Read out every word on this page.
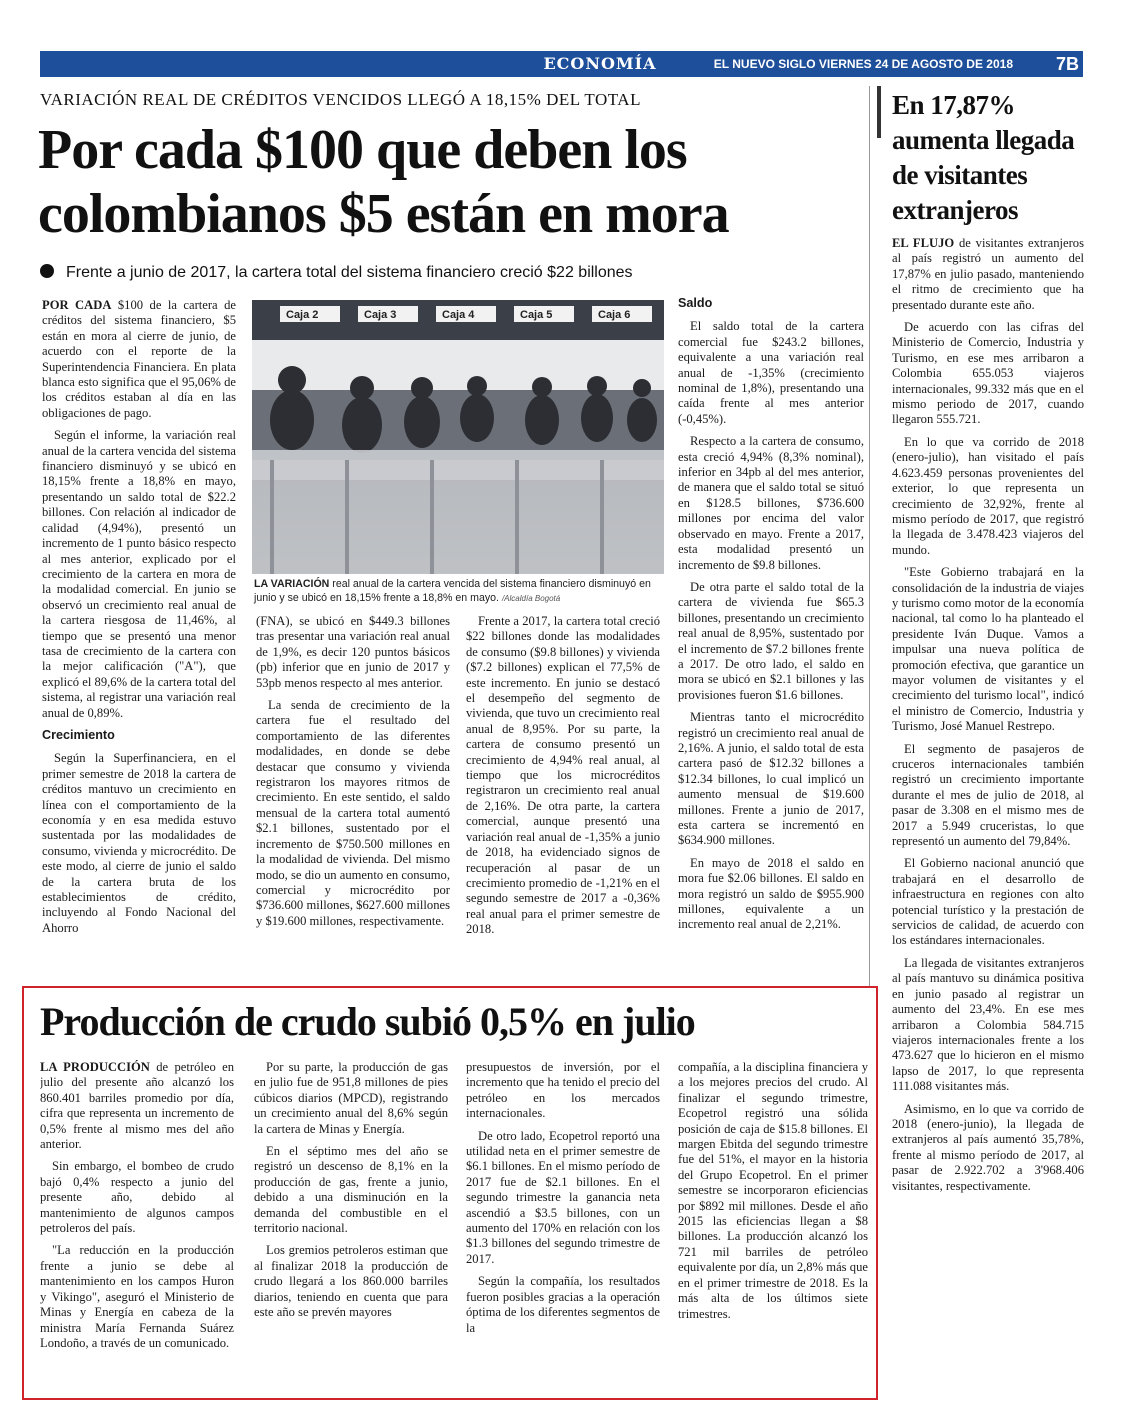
ECONOMÍA	EL NUEVO SIGLO VIERNES 24 DE AGOSTO DE 2018 7B
VARIACIÓN REAL DE CRÉDITOS VENCIDOS LLEGÓ A 18,15% DEL TOTAL
Por cada $100 que deben los
colombianos $5 están en mora
Frente a junio de 2017, la cartera total del sistema financiero creció $22 billones

POR CADA $100 de la cartera de créditos del sistema financiero, $5 están en mora al cierre de junio, de acuerdo con el reporte de la Superintendencia Financiera. En plata blanca esto significa que el 95,06% de los créditos estaban al día en las obligaciones de pago.

Según el informe, la variación real anual de la cartera vencida del sistema financiero disminuyó y se ubicó en 18,15% frente a 18,8% en mayo, presentando un saldo total de $22.2 billones. Con relación al indicador de calidad (4,94%), presentó un incremento de 1 punto básico respecto al mes anterior, explicado por el crecimiento de la cartera en mora de la modalidad comercial. En junio se observó un crecimiento real anual de la cartera riesgosa de 11,46%, al tiempo que se presentó una menor tasa de crecimiento de la cartera con la mejor calificación ("A"), que explicó el 89,6% de la cartera total del sistema, al registrar una variación real anual de 0,89%.

Crecimiento

Según la Superfinanciera, en el primer semestre de 2018 la cartera de créditos mantuvo un crecimiento en línea con el comportamiento de la economía y en esa medida estuvo sustentada por las modalidades de consumo, vivienda y microcrédito. De este modo, al cierre de junio el saldo de la cartera bruta de los establecimientos de crédito, incluyendo al Fondo Nacional del Ahorro

Caja 2	Caja 3	Caja 4	Caja 5	Caja 6
LA VARIACIÓN real anual de la cartera vencida del sistema financiero disminuyó en junio y se ubicó en 18,15% frente a 18,8% en mayo. /Alcaldía Bogotá

(FNA), se ubicó en $449.3 billones tras presentar una variación real anual de 1,9%, es decir 120 puntos básicos (pb) inferior que en junio de 2017 y 53pb menos respecto al mes anterior.

La senda de crecimiento de la cartera fue el resultado del comportamiento de las diferentes modalidades, en donde se debe destacar que consumo y vivienda registraron los mayores ritmos de crecimiento. En este sentido, el saldo mensual de la cartera total aumentó $2.1 billones, sustentado por el incremento de $750.500 millones en la modalidad de vivienda. Del mismo modo, se dio un aumento en consumo, comercial y microcrédito por $736.600 millones, $627.600 millones y $19.600 millones, respectivamente.

Frente a 2017, la cartera total creció $22 billones donde las modalidades de consumo ($9.8 billones) y vivienda ($7.2 billones) explican el 77,5% de este incremento. En junio se destacó el desempeño del segmento de vivienda, que tuvo un crecimiento real anual de 8,95%. Por su parte, la cartera de consumo presentó un crecimiento de 4,94% real anual, al tiempo que los microcréditos registraron un crecimiento real anual de 2,16%. De otra parte, la cartera comercial, aunque presentó una variación real anual de -1,35% a junio de 2018, ha evidenciado signos de recuperación al pasar de un crecimiento promedio de -1,21% en el segundo semestre de 2017 a -0,36% real anual para el primer semestre de 2018.

Saldo

El saldo total de la cartera comercial fue $243.2 billones, equivalente a una variación real anual de -1,35% (crecimiento nominal de 1,8%), presentando una caída frente al mes anterior (-0,45%).

Respecto a la cartera de consumo, esta creció 4,94% (8,3% nominal), inferior en 34pb al del mes anterior, de manera que el saldo total se situó en $128.5 billones, $736.600 millones por encima del valor observado en mayo. Frente a 2017, esta modalidad presentó un incremento de $9.8 billones.

De otra parte el saldo total de la cartera de vivienda fue $65.3 billones, presentando un crecimiento real anual de 8,95%, sustentado por el incremento de $7.2 billones frente a 2017. De otro lado, el saldo en mora se ubicó en $2.1 billones y las provisiones fueron $1.6 billones.

Mientras tanto el microcrédito registró un crecimiento real anual de 2,16%. A junio, el saldo total de esta cartera pasó de $12.32 billones a $12.34 billones, lo cual implicó un aumento mensual de $19.600 millones. Frente a junio de 2017, esta cartera se incrementó en $634.900 millones.

En mayo de 2018 el saldo en mora fue $2.06 billones. El saldo en mora registró un saldo de $955.900 millones, equivalente a un incremento real anual de 2,21%.

En 17,87% aumenta llegada de visitantes extranjeros

EL FLUJO de visitantes extranjeros al país registró un aumento del 17,87% en julio pasado, manteniendo el ritmo de crecimiento que ha presentado durante este año.

De acuerdo con las cifras del Ministerio de Comercio, Industria y Turismo, en ese mes arribaron a Colombia 655.053 viajeros internacionales, 99.332 más que en el mismo periodo de 2017, cuando llegaron 555.721.

En lo que va corrido de 2018 (enero-julio), han visitado el país 4.623.459 personas provenientes del exterior, lo que representa un crecimiento de 32,92%, frente al mismo período de 2017, que registró la llegada de 3.478.423 viajeros del mundo.

"Este Gobierno trabajará en la consolidación de la industria de viajes y turismo como motor de la economía nacional, tal como lo ha planteado el presidente Iván Duque. Vamos a impulsar una nueva política de promoción efectiva, que garantice un mayor volumen de visitantes y el crecimiento del turismo local", indicó el ministro de Comercio, Industria y Turismo, José Manuel Restrepo.

El segmento de pasajeros de cruceros internacionales también registró un crecimiento importante durante el mes de julio de 2018, al pasar de 3.308 en el mismo mes de 2017 a 5.949 cruceristas, lo que representó un aumento del 79,84%.

El Gobierno nacional anunció que trabajará en el desarrollo de infraestructura en regiones con alto potencial turístico y la prestación de servicios de calidad, de acuerdo con los estándares internacionales.

La llegada de visitantes extranjeros al país mantuvo su dinámica positiva en junio pasado al registrar un aumento del 23,4%. En ese mes arribaron a Colombia 584.715 viajeros internacionales frente a los 473.627 que lo hicieron en el mismo lapso de 2017, lo que representa 111.088 visitantes más.

Asimismo, en lo que va corrido de 2018 (enero-junio), la llegada de extranjeros al país aumentó 35,78%, frente al mismo período de 2017, al pasar de 2.922.702 a 3'968.406 visitantes, respectivamente.

Producción de crudo subió 0,5% en julio

LA PRODUCCIÓN de petróleo en julio del presente año alcanzó los 860.401 barriles promedio por día, cifra que representa un incremento de 0,5% frente al mismo mes del año anterior.

Sin embargo, el bombeo de crudo bajó 0,4% respecto a junio del presente año, debido al mantenimiento de algunos campos petroleros del país.

"La reducción en la producción frente a junio se debe al mantenimiento en los campos Huron y Vikingo", aseguró el Ministerio de Minas y Energía en cabeza de la ministra María Fernanda Suárez Londoño, a través de un comunicado.

Por su parte, la producción de gas en julio fue de 951,8 millones de pies cúbicos diarios (MPCD), registrando un crecimiento anual del 8,6% según la cartera de Minas y Energía.

En el séptimo mes del año se registró un descenso de 8,1% en la producción de gas, frente a junio, debido a una disminución en la demanda del combustible en el territorio nacional.

Los gremios petroleros estiman que al finalizar 2018 la producción de crudo llegará a los 860.000 barriles diarios, teniendo en cuenta que para este año se prevén mayores

presupuestos de inversión, por el incremento que ha tenido el precio del petróleo en los mercados internacionales.

De otro lado, Ecopetrol reportó una utilidad neta en el primer semestre de $6.1 billones. En el mismo período de 2017 fue de $2.1 billones. En el segundo trimestre la ganancia neta ascendió a $3.5 billones, con un aumento del 170% en relación con los $1.3 billones del segundo trimestre de 2017.

Según la compañía, los resultados fueron posibles gracias a la operación óptima de los diferentes segmentos de la

compañía, a la disciplina financiera y a los mejores precios del crudo. Al finalizar el segundo trimestre, Ecopetrol registró una sólida posición de caja de $15.8 billones. El margen Ebitda del segundo trimestre fue del 51%, el mayor en la historia del Grupo Ecopetrol. En el primer semestre se incorporaron eficiencias por $892 mil millones. Desde el año 2015 las eficiencias llegan a $8 billones. La producción alcanzó los 721 mil barriles de petróleo equivalente por día, un 2,8% más que en el primer trimestre de 2018. Es la más alta de los últimos siete trimestres.
